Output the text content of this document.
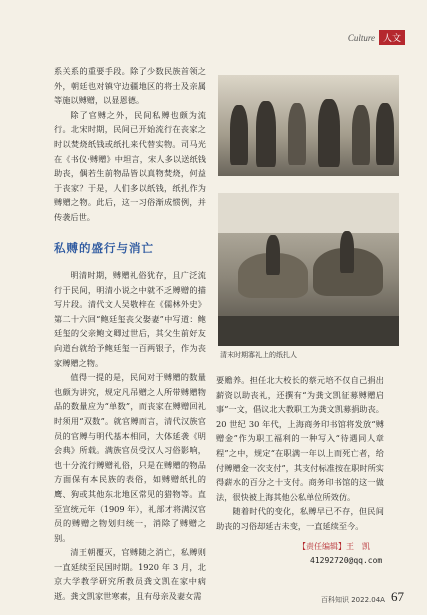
Culture 人文

系关系的重要手段。除了少数民族首领之外，朝廷也对镇守边疆地区的将士及亲属等施以赙赠，以显恩德。

除了官赙之外，民间私赙也颇为流行。北宋时期，民间已开始流行在丧家之时以焚烧纸钱或纸扎来代替实物。司马光在《书仪·赙赠》中坦言，宋人多以送纸钱助丧，偶若生前物品皆以真物焚烧，何益于丧家？于是，人们多以纸钱，纸扎作为赙赠之物。此后，这一习俗渐成惯例，并传袭后世。

私赙的盛行与消亡

明清时期，赙赠礼俗犹存，且广泛流行于民间，明清小说之中就不乏赙赠的描写片段。清代文人吴敬梓在《儒林外史》第二十六回“鲍廷玺丧父娶妻”中写道：鲍廷玺的父亲鲍文卿过世后，其父生前好友向道台就给予鲍廷玺一百两银子，作为丧家赙赠之物。

值得一提的是，民间对于赙赠的数量也颇为讲究，规定凡吊赠之人所带赙赠物品的数量应为“单数”，而丧家在赙赠回礼时须用“双数”。就官赙而言，清代汉族官员的官赙与明代基本相同，大体延袭《明会典》所载。满族官员受汉人习俗影响，也十分流行赙赠礼俗，只是在赙赠的物品方面保有本民族的表俗，如赙赠纸扎的鹰、狗或其他东北地区常见的猎物等。直至宣统元年（1909 年），礼部才将满汉官员的赙赠之物划归统一，消除了赙赠之别。

清王朝覆灭，官赙随之消亡，私赙则一直延续至民国时期。1920 年 3 月，北京大学教学研究所教员龚文凯在家中病逝。龚文凯家世寒素，且有母亲及妻女需

清末时期寡礼上的纸扎人

要赡养。担任北大校长的蔡元培不仅自己捐出薪资以助丧礼，还撰有“为龚文凯征募赙赠启事”一文，倡议北大教职工为龚文凯募捐助丧。20 世纪 30 年代，上海商务印书馆将发放“赙赠金”作为职工福利的一种写入“待遇同人章程”之中，规定“在职满一年以上而死亡者，给付赙赠金一次支付”，其支付标准按在职时所实得薪水的百分之十支付。商务印书馆的这一做法，很快被上海其他公私单位所效仿。

随着时代的变化，私赙早已不存，但民间助丧的习俗却延古未变，一直延续至今。

【责任编辑】王　凯
41292720@qq.com
百科知识 2022.04A 67
